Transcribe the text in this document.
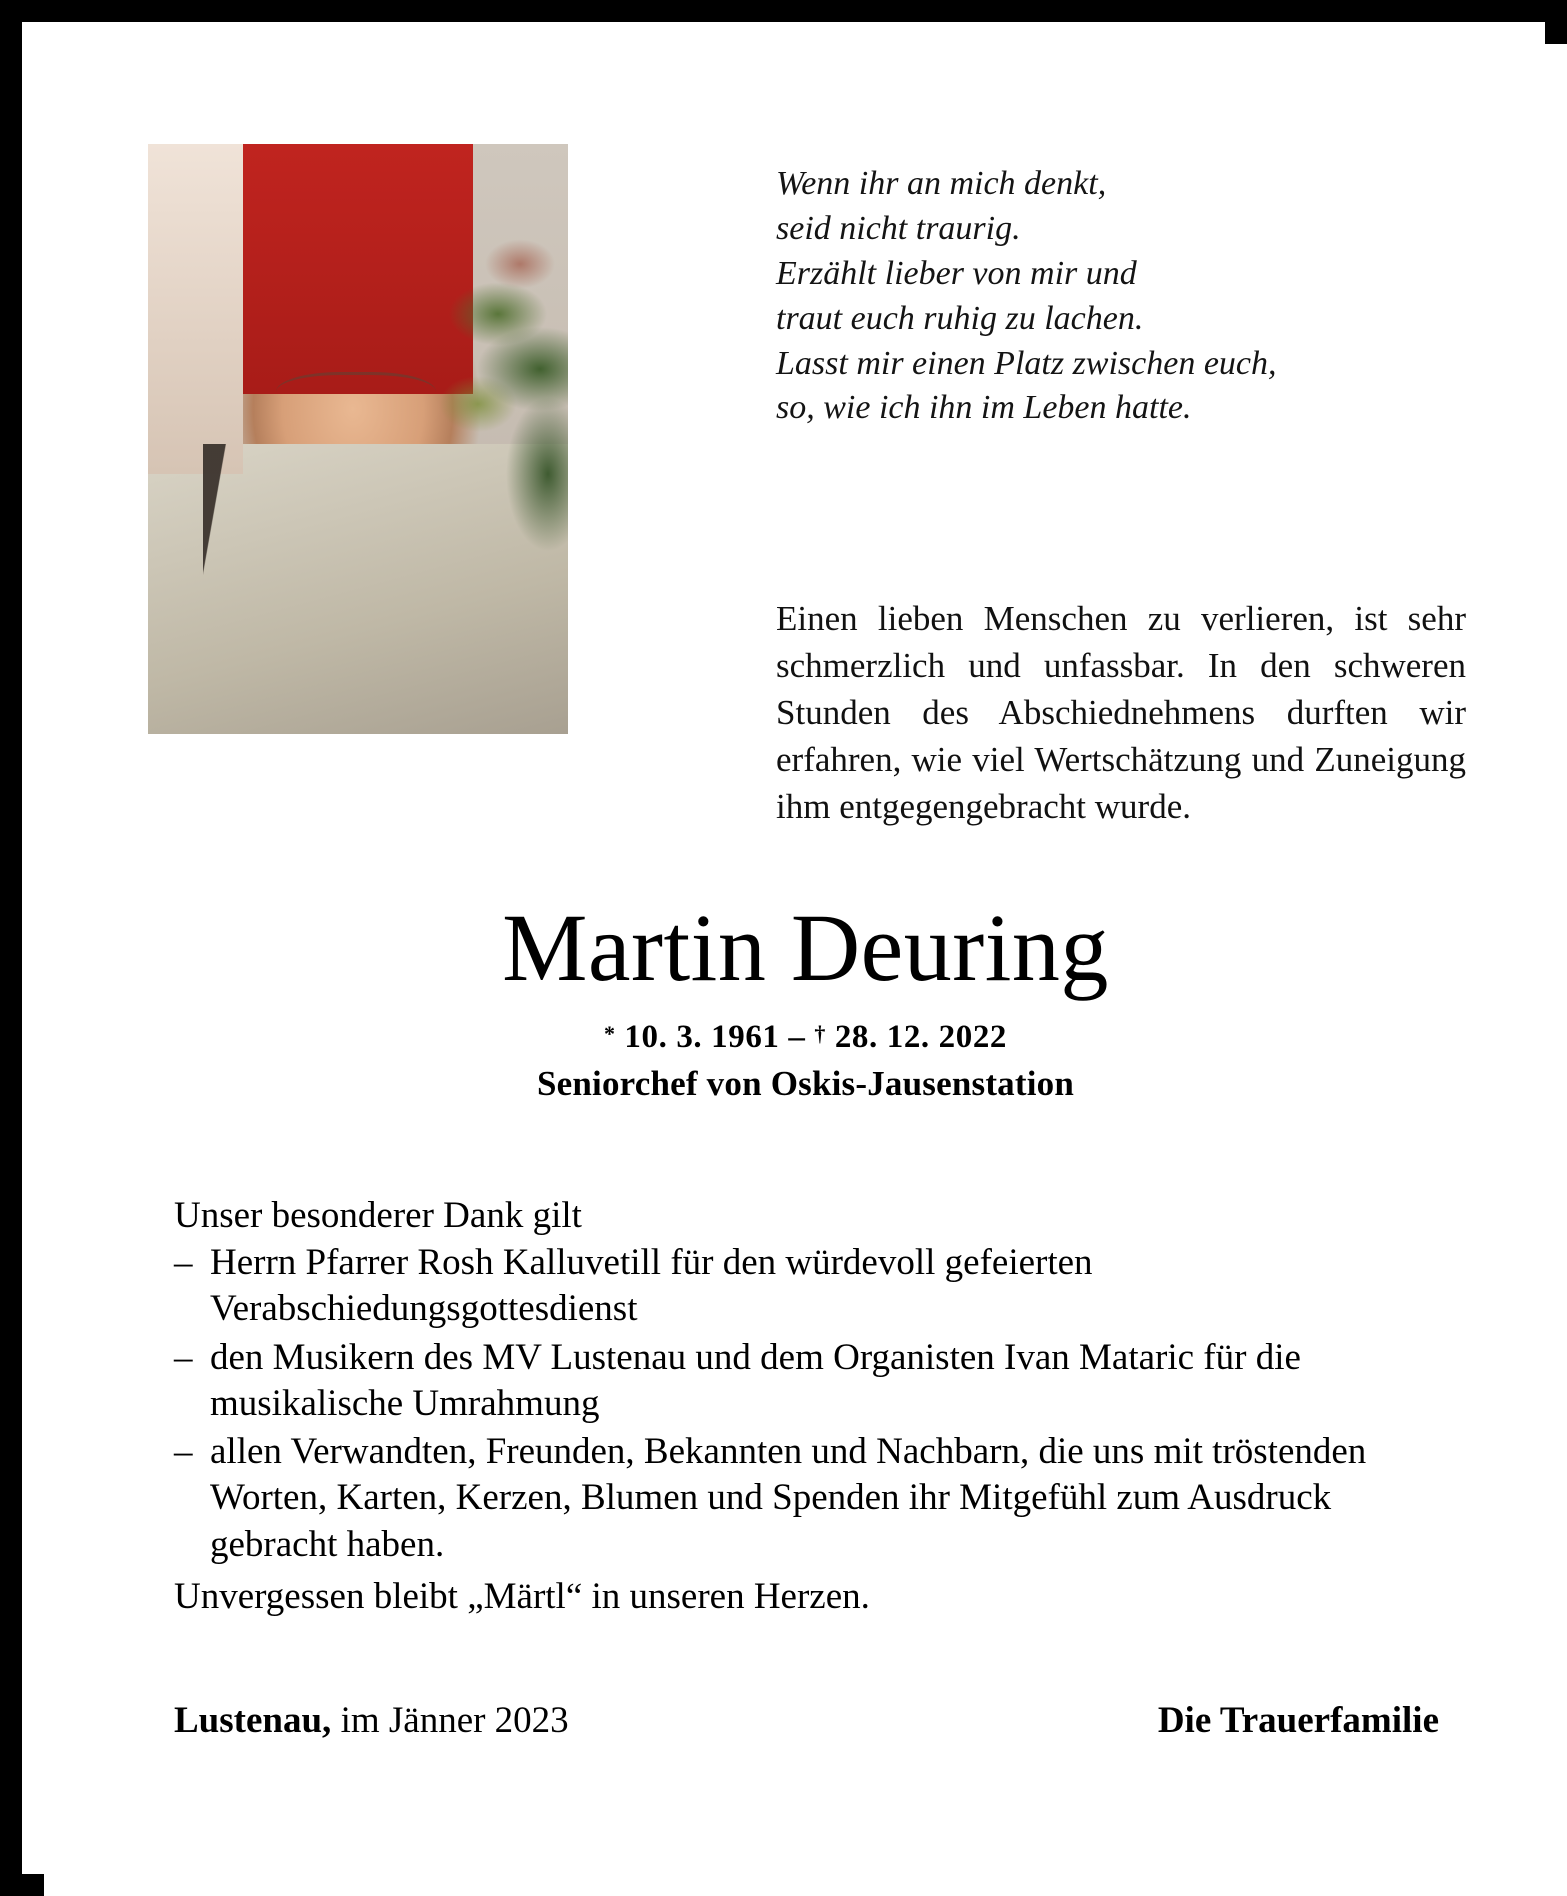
Wenn ihr an mich denkt,
seid nicht traurig.
Erzählt lieber von mir und
traut euch ruhig zu lachen.
Lasst mir einen Platz zwischen euch,
so, wie ich ihn im Leben hatte.
Einen lieben Menschen zu verlieren, ist sehr schmerzlich und unfassbar. In den schweren Stunden des Abschiednehmens durften wir erfahren, wie viel Wertschätzung und Zuneigung ihm entgegengebracht wurde.
Martin Deuring
* 10. 3. 1961 – † 28. 12. 2022
Seniorchef von Oskis-Jausenstation
Unser besonderer Dank gilt
– Herrn Pfarrer Rosh Kalluvetill für den würdevoll gefeierten Verabschiedungsgottesdienst
– den Musikern des MV Lustenau und dem Organisten Ivan Mataric für die musikalische Umrahmung
– allen Verwandten, Freunden, Bekannten und Nachbarn, die uns mit tröstenden Worten, Karten, Kerzen, Blumen und Spenden ihr Mitgefühl zum Ausdruck gebracht haben.
Unvergessen bleibt „Märtl“ in unseren Herzen.
Lustenau, im Jänner 2023	Die Trauerfamilie
